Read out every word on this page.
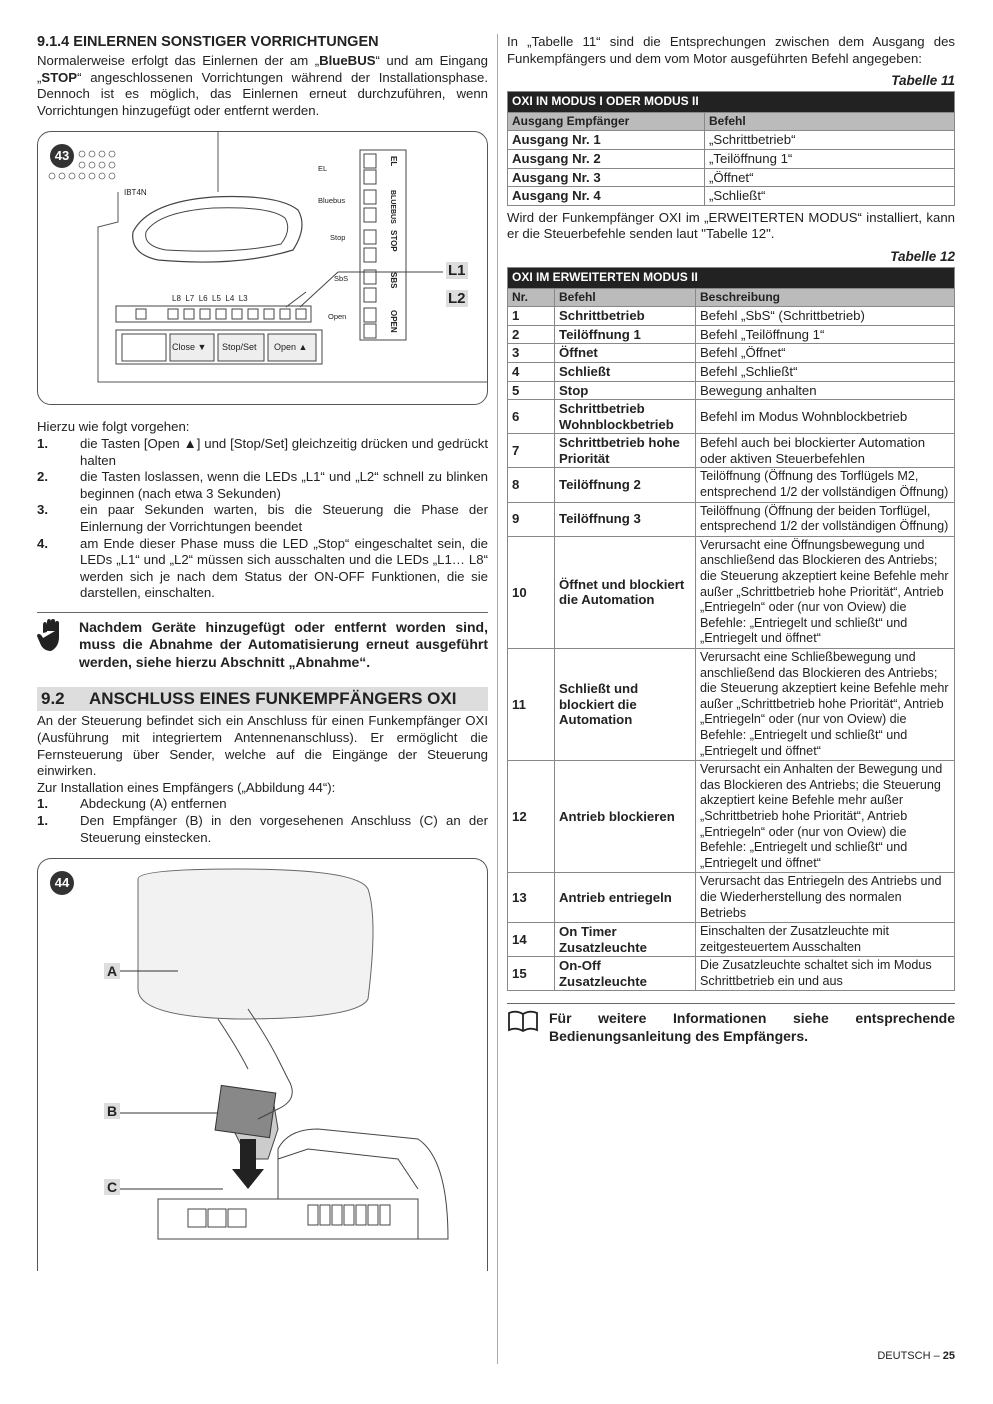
9.1.4 EINLERNEN SONSTIGER VORRICHTUNGEN

Normalerweise erfolgt das Einlernen der am „BlueBUS“ und am Eingang „STOP“ angeschlossenen Vorrichtungen während der Installationsphase. Dennoch ist es möglich, das Einlernen erneut durchzuführen, wenn Vorrichtungen hinzugefügt oder entfernt werden.

43
IBT4N
EL
Bluebus
Stop
SbS
Open
EL
BLUEBUS
STOP
SBS
OPEN
L8  L7  L6  L5  L4  L3
L1
L2
Close ▼ Stop/Set Open ▲

Hierzu wie folgt vorgehen:

1.	die Tasten [Open ▲] und [Stop/Set] gleichzeitig drücken und gedrückt halten
2.	die Tasten loslassen, wenn die LEDs „L1“ und „L2“ schnell zu blinken beginnen (nach etwa 3 Sekunden)
3.	ein paar Sekunden warten, bis die Steuerung die Phase der Einlernung der Vorrichtungen beendet
4.	am Ende dieser Phase muss die LED „Stop“ eingeschaltet sein, die LEDs „L1“ und „L2“ müssen sich ausschalten und die LEDs „L1… L8“ werden sich je nach dem Status der ON-OFF Funktionen, die sie darstellen, einschalten.
Nachdem Geräte hinzugefügt oder entfernt worden sind, muss die Abnahme der Automatisierung erneut ausgeführt werden, siehe hierzu Abschnitt „Abnahme“.
9.2 ANSCHLUSS EINES FUNKEMPFÄNGERS OXI

An der Steuerung befindet sich ein Anschluss für einen Funkempfänger OXI (Ausführung mit integriertem Antennenanschluss). Er ermöglicht die Fernsteuerung über Sender, welche auf die Eingänge der Steuerung einwirken.

Zur Installation eines Empfängers („Abbildung 44“):

1.	Abdeckung (A) entfernen
1.	Den Empfänger (B) in den vorgesehenen Anschluss (C) an der Steuerung einstecken.
44
A
B
C

In „Tabelle 11“ sind die Entsprechungen zwischen dem Ausgang des Funkempfängers und dem vom Motor ausgeführten Befehl angegeben:

Tabelle 11
OXI IN MODUS I ODER MODUS II	
Ausgang Empfänger	Befehl
Ausgang Nr. 1	„Schrittbetrieb“
Ausgang Nr. 2	„Teilöffnung 1“
Ausgang Nr. 3	„Öffnet“
Ausgang Nr. 4	„Schließt“

Wird der Funkempfänger OXI im „ERWEITERTEN MODUS“ installiert, kann er die Steuerbefehle senden laut "Tabelle 12".

Tabelle 12
OXI IM ERWEITERTEN MODUS II		
Nr.	Befehl	Beschreibung
1	Schrittbetrieb	Befehl „SbS“ (Schrittbetrieb)
2	Teilöffnung 1	Befehl „Teilöffnung 1“
3	Öffnet	Befehl „Öffnet“
4	Schließt	Befehl „Schließt“
5	Stop	Bewegung anhalten
6	Schrittbetrieb Wohnblockbetrieb	Befehl im Modus Wohnblockbetrieb
7	Schrittbetrieb hohe Priorität	Befehl auch bei blockierter Automation oder aktiven Steuerbefehlen
8	Teilöffnung 2	Teilöffnung (Öffnung des Torflügels M2, entsprechend 1/2 der vollständigen Öffnung)
9	Teilöffnung 3	Teilöffnung (Öffnung der beiden Torflügel, entsprechend 1/2 der vollständigen Öffnung)
10	Öffnet und blockiert die Automation	Verursacht eine Öffnungsbewegung und anschließend das Blockieren des Antriebs; die Steuerung akzeptiert keine Befehle mehr außer „Schrittbetrieb hohe Priorität“, Antrieb „Entriegeln“ oder (nur von Oview) die Befehle: „Entriegelt und schließt“ und „Entriegelt und öffnet“
11	Schließt und blockiert die Automation	Verursacht eine Schließbewegung und anschließend das Blockieren des Antriebs; die Steuerung akzeptiert keine Befehle mehr außer „Schrittbetrieb hohe Priorität“, Antrieb „Entriegeln“ oder (nur von Oview) die Befehle: „Entriegelt und schließt“ und „Entriegelt und öffnet“
12	Antrieb blockieren	Verursacht ein Anhalten der Bewegung und das Blockieren des Antriebs; die Steuerung akzeptiert keine Befehle mehr außer „Schrittbetrieb hohe Priorität“, Antrieb „Entriegeln“ oder (nur von Oview) die Befehle: „Entriegelt und schließt“ und „Entriegelt und öffnet“
13	Antrieb entriegeln	Verursacht das Entriegeln des Antriebs und die Wiederherstellung des normalen Betriebs
14	On Timer Zusatzleuchte	Einschalten der Zusatzleuchte mit zeitgesteuertem Ausschalten
15	On-Off Zusatzleuchte	Die Zusatzleuchte schaltet sich im Modus Schrittbetrieb ein und aus
Für weitere Informationen siehe entsprechende Bedienungsanleitung des Empfängers.
DEUTSCH – 25
